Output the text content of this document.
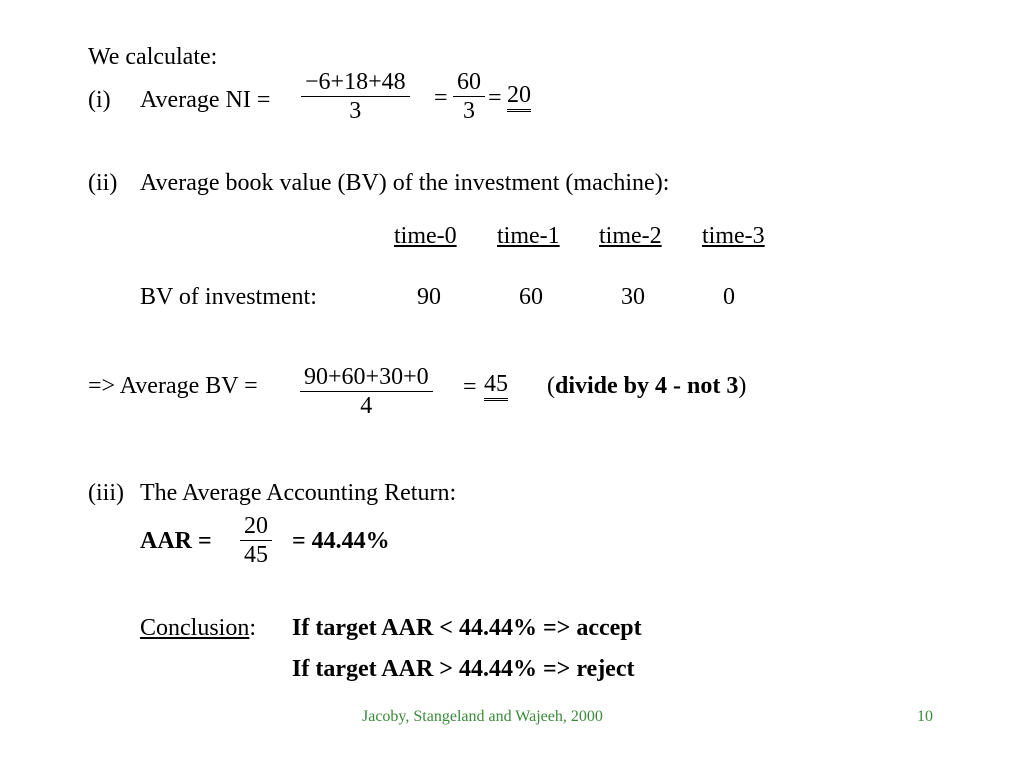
We calculate:
(i) Average NI = $\frac{-6+18+48}{3} = \frac{60}{3} = 20$
(ii) Average book value (BV) of the investment (machine):
time-0 time-1 time-2 time-3
BV of investment:	90	60	30	0
=> Average BV = $\frac{90+60+30+0}{4} = 45$ (divide by 4 - not 3)
(iii) The Average Accounting Return:
AAR = $\frac{20}{45} = 44.44\%$
Conclusion: If target AAR < 44.44% => accept
If target AAR > 44.44% => reject
Jacoby, Stangeland and Wajeeh, 2000	10
